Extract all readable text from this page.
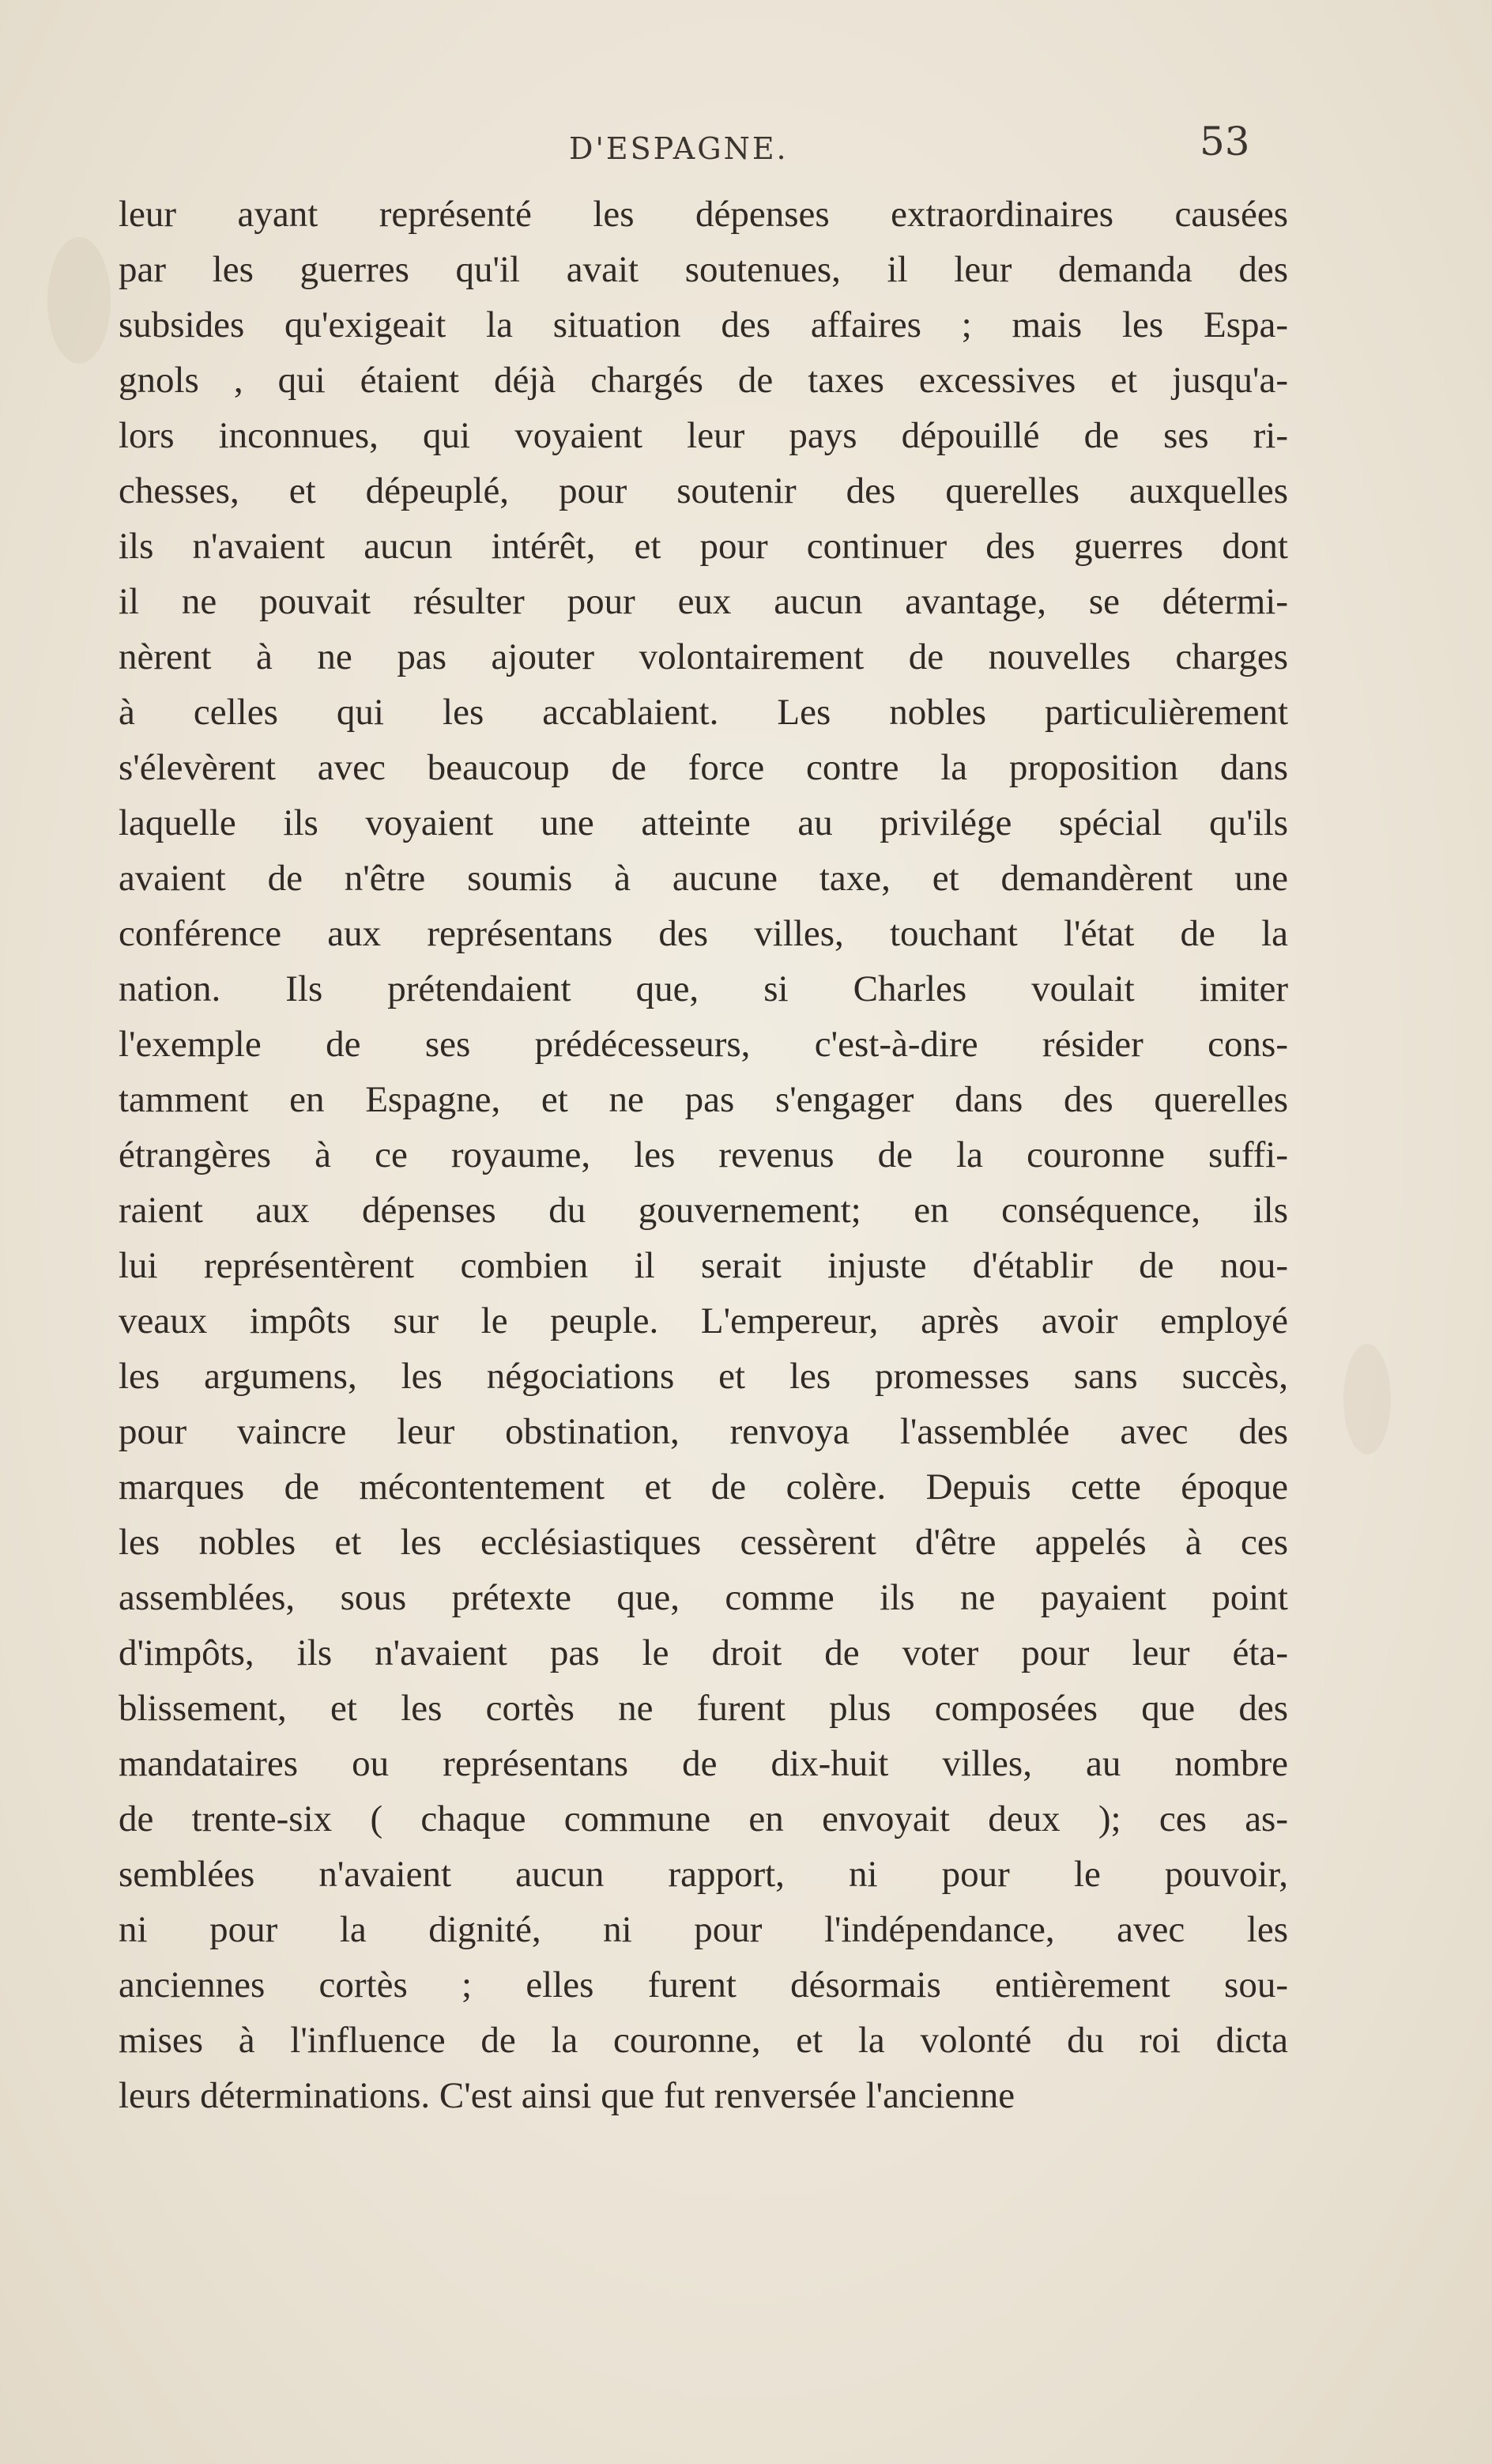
D'ESPAGNE.	53
leur ayant représenté les dépenses extraordinaires causées
par les guerres qu'il avait soutenues, il leur demanda des
subsides qu'exigeait la situation des affaires ; mais les Espa-
gnols , qui étaient déjà chargés de taxes excessives et jusqu'a-
lors inconnues, qui voyaient leur pays dépouillé de ses ri-
chesses, et dépeuplé, pour soutenir des querelles auxquelles
ils n'avaient aucun intérêt, et pour continuer des guerres dont
il ne pouvait résulter pour eux aucun avantage, se détermi-
nèrent à ne pas ajouter volontairement de nouvelles charges
à celles qui les accablaient. Les nobles particulièrement
s'élevèrent avec beaucoup de force contre la proposition dans
laquelle ils voyaient une atteinte au privilége spécial qu'ils
avaient de n'être soumis à aucune taxe, et demandèrent une
conférence aux représentans des villes, touchant l'état de la
nation. Ils prétendaient que, si Charles voulait imiter
l'exemple de ses prédécesseurs, c'est-à-dire résider cons-
tamment en Espagne, et ne pas s'engager dans des querelles
étrangères à ce royaume, les revenus de la couronne suffi-
raient aux dépenses du gouvernement; en conséquence, ils
lui représentèrent combien il serait injuste d'établir de nou-
veaux impôts sur le peuple. L'empereur, après avoir employé
les argumens, les négociations et les promesses sans succès,
pour vaincre leur obstination, renvoya l'assemblée avec des
marques de mécontentement et de colère. Depuis cette époque
les nobles et les ecclésiastiques cessèrent d'être appelés à ces
assemblées, sous prétexte que, comme ils ne payaient point
d'impôts, ils n'avaient pas le droit de voter pour leur éta-
blissement, et les cortès ne furent plus composées que des
mandataires ou représentans de dix-huit villes, au nombre
de trente-six ( chaque commune en envoyait deux ); ces as-
semblées n'avaient aucun rapport, ni pour le pouvoir,
ni pour la dignité, ni pour l'indépendance, avec les
anciennes cortès ; elles furent désormais entièrement sou-
mises à l'influence de la couronne, et la volonté du roi dicta
leurs déterminations. C'est ainsi que fut renversée l'ancienne
